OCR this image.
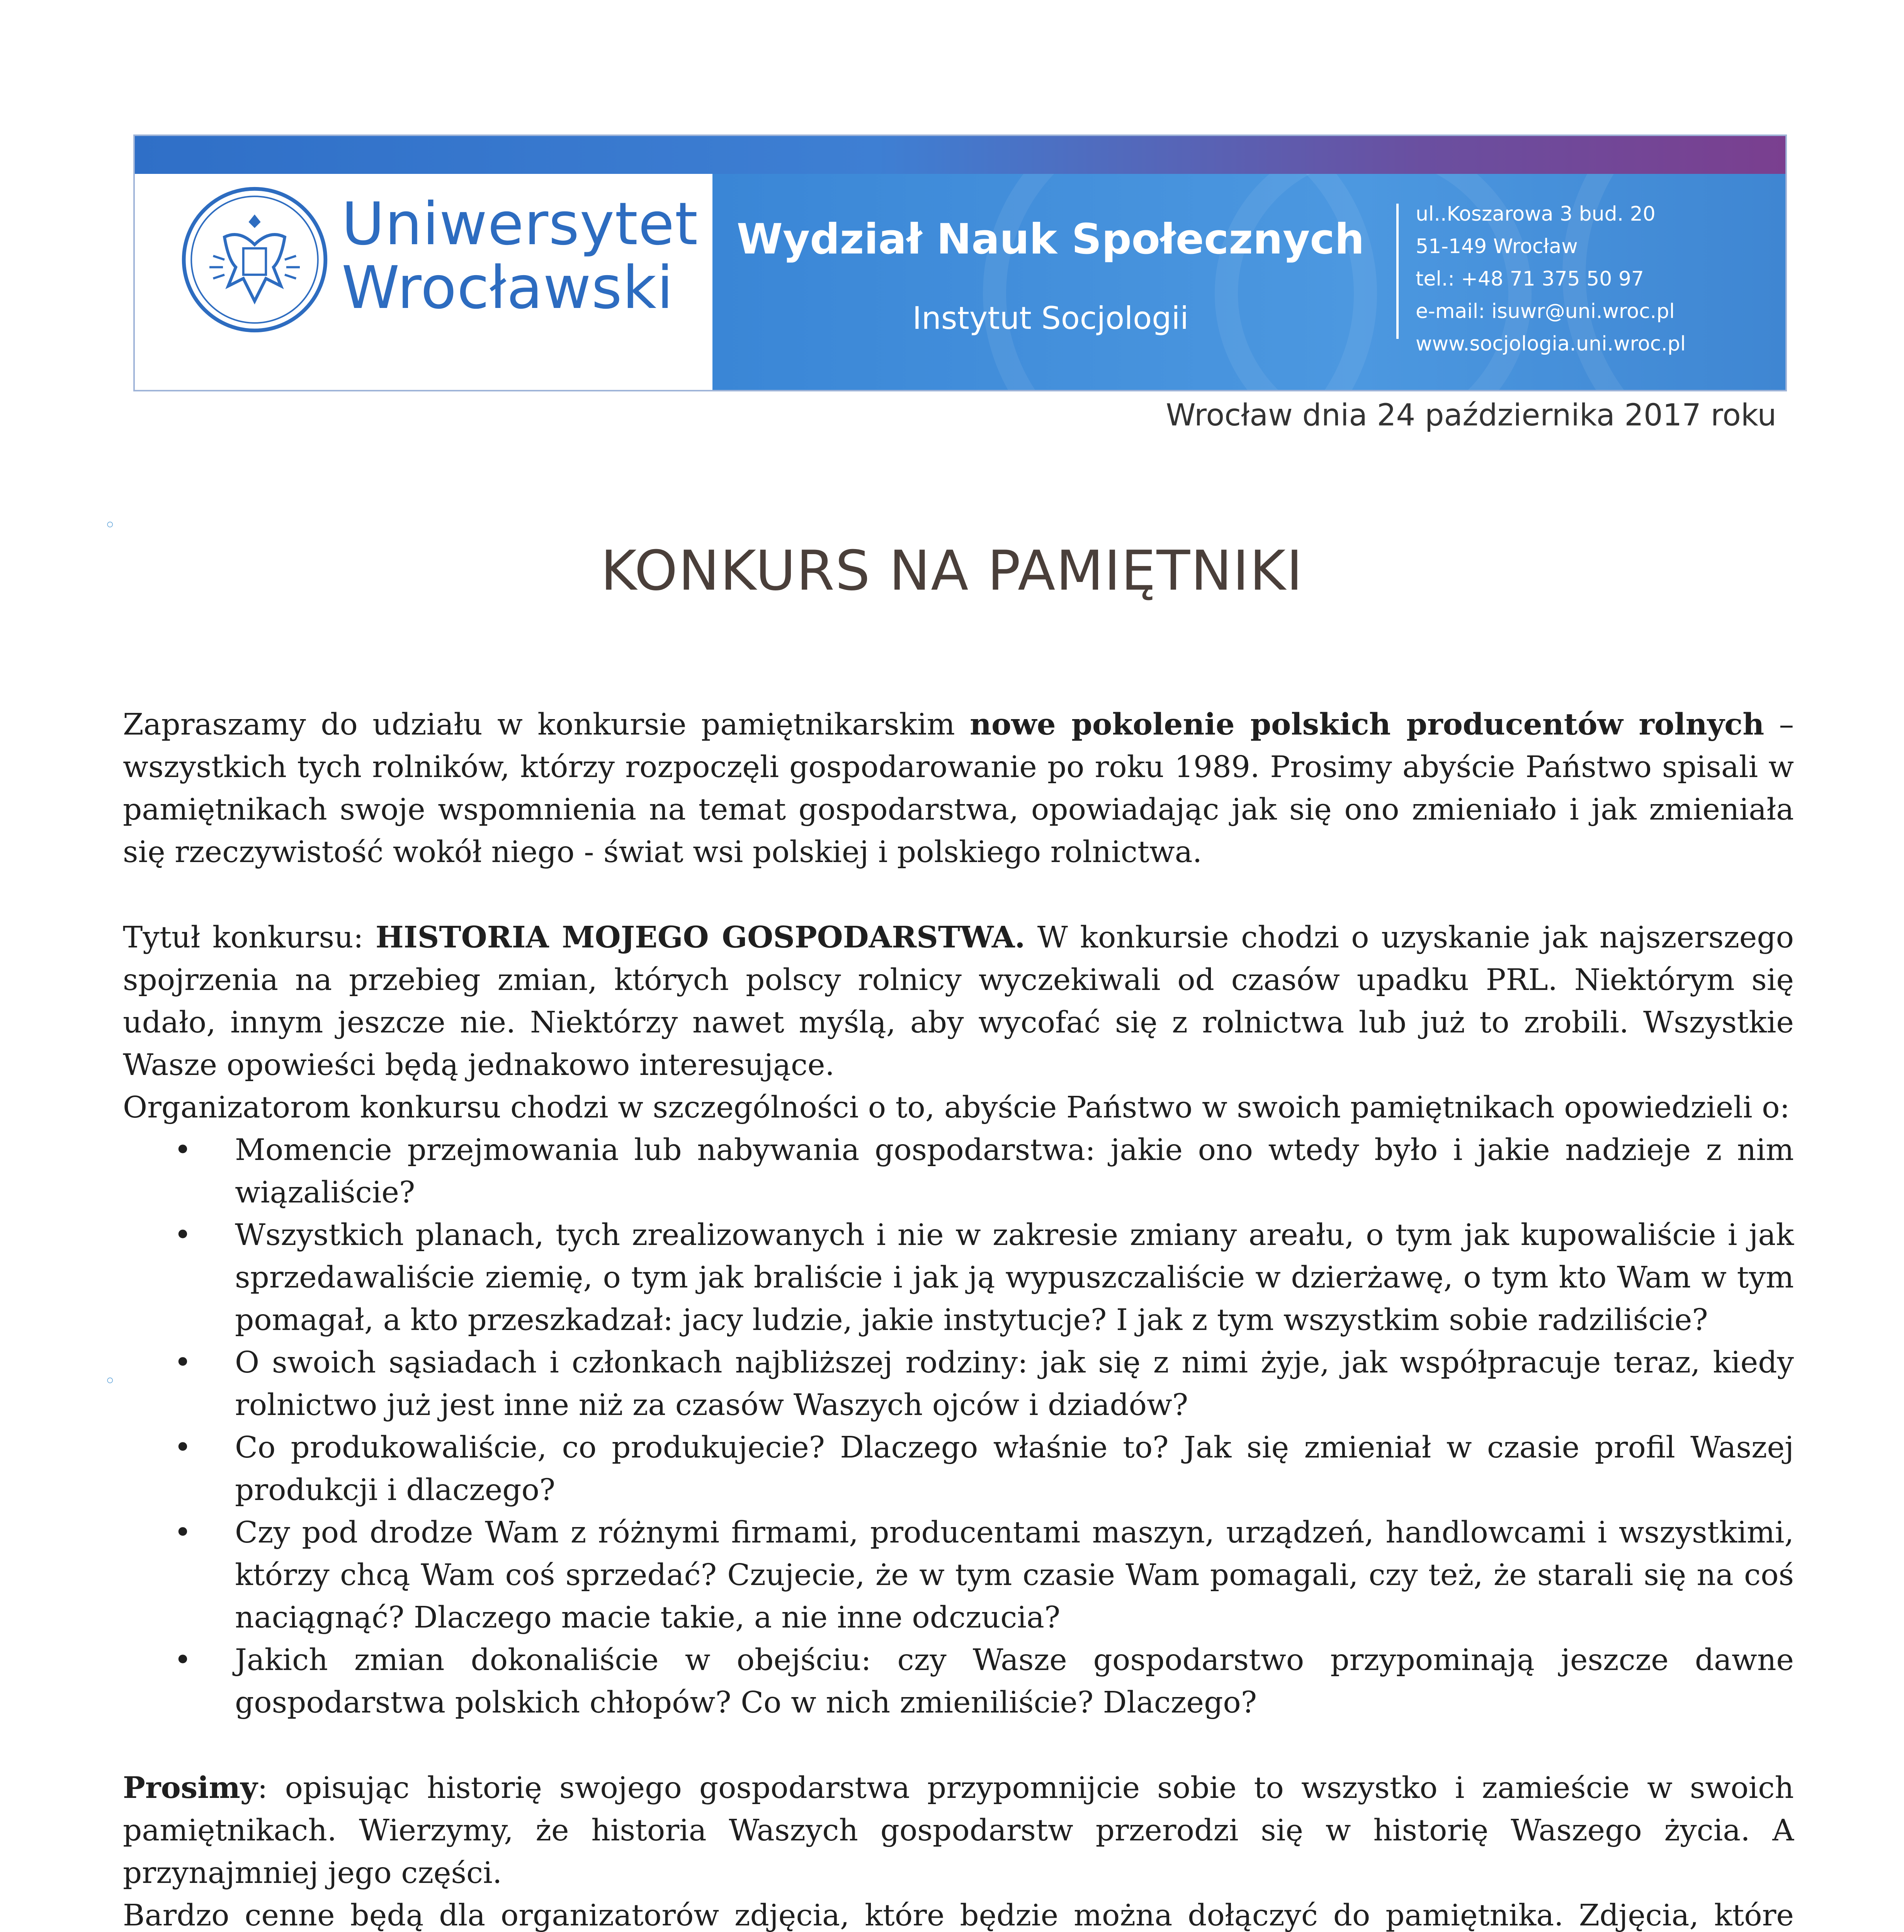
Uniwersytet
Wrocławski
Wydział Nauk Społecznych
Instytut Socjologii
ul..Koszarowa 3 bud. 20
51-149 Wrocław
tel.: +48 71 375 50 97
e-mail: isuwr@uni.wroc.pl
www.socjologia.uni.wroc.pl
Wrocław dnia 24 października 2017 roku
KONKURS NA PAMIĘTNIKI
◦
◦

Zapraszamy do udziału w konkursie pamiętnikarskim nowe pokolenie polskich producentów rolnych – wszystkich tych rolników, którzy rozpoczęli gospodarowanie po roku 1989. Prosimy abyście Państwo spisali w pamiętnikach swoje wspomnienia na temat gospodarstwa, opowiadając jak się ono zmieniało i jak zmieniała się rzeczywistość wokół niego - świat wsi polskiej i polskiego rolnictwa.

Tytuł konkursu: HISTORIA MOJEGO GOSPODARSTWA. W konkursie chodzi o uzyskanie jak najszerszego spojrzenia na przebieg zmian, których polscy rolnicy wyczekiwali od czasów upadku PRL. Niektórym się udało, innym jeszcze nie. Niektórzy nawet myślą, aby wycofać się z rolnictwa lub już to zrobili. Wszystkie Wasze opowieści będą jednakowo interesujące.

Organizatorom konkursu chodzi w szczególności o to, abyście Państwo w swoich pamiętnikach opowiedzieli o:

• Momencie przejmowania lub nabywania gospodarstwa: jakie ono wtedy było i jakie nadzieje z nim wiązaliście?
• Wszystkich planach, tych zrealizowanych i nie w zakresie zmiany areału, o tym jak kupowaliście i jak sprzedawaliście ziemię, o tym jak braliście i jak ją wypuszczaliście w dzierżawę, o tym kto Wam w tym pomagał, a kto przeszkadzał: jacy ludzie, jakie instytucje? I jak z tym wszystkim sobie radziliście?
• O swoich sąsiadach i członkach najbliższej rodziny: jak się z nimi żyje, jak współpracuje teraz, kiedy rolnictwo już jest inne niż za czasów Waszych ojców i dziadów?
• Co produkowaliście, co produkujecie? Dlaczego właśnie to? Jak się zmieniał w czasie profil Waszej produkcji i dlaczego?
• Czy pod drodze Wam z różnymi firmami, producentami maszyn, urządzeń, handlowcami i wszystkimi, którzy chcą Wam coś sprzedać? Czujecie, że w tym czasie Wam pomagali, czy też, że starali się na coś naciągnąć? Dlaczego macie takie, a nie inne odczucia?
• Jakich zmian dokonaliście w obejściu: czy Wasze gospodarstwo przypominają jeszcze dawne gospodarstwa polskich chłopów? Co w nich zmieniliście? Dlaczego?

Prosimy: opisując historię swojego gospodarstwa przypomnijcie sobie to wszystko i zamieście w swoich pamiętnikach. Wierzymy, że historia Waszych gospodarstw przerodzi się w historię Waszego życia. A przynajmniej jego części.

Bardzo cenne będą dla organizatorów zdjęcia, które będzie można dołączyć do pamiętnika. Zdjęcia, które
